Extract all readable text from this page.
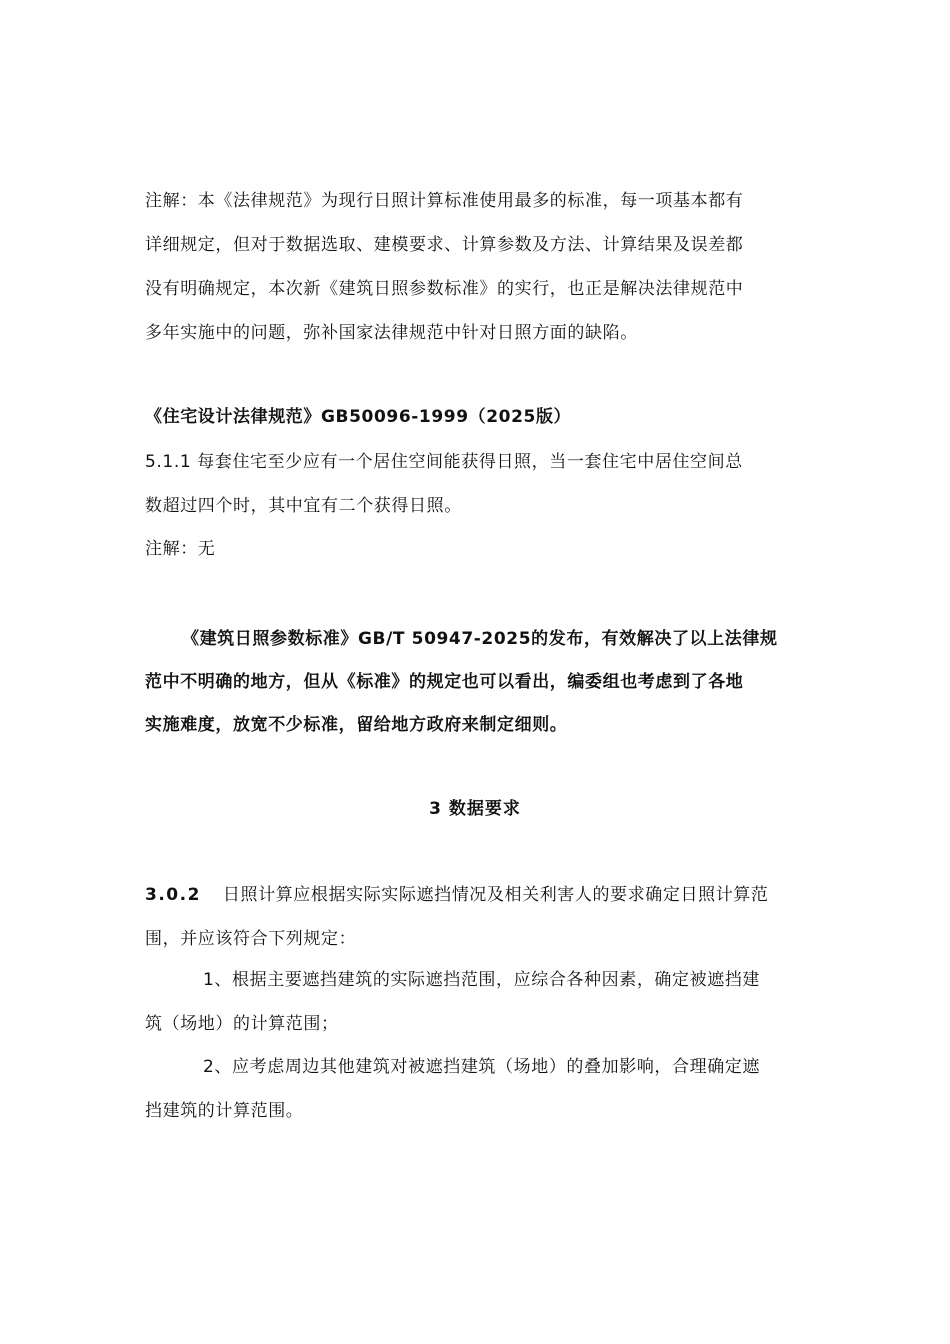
注解：本《法律规范》为现行日照计算标准使用最多的标准，每一项基本都有
详细规定，但对于数据选取、建模要求、计算参数及方法、计算结果及误差都
没有明确规定，本次新《建筑日照参数标准》的实行，也正是解决法律规范中
多年实施中的问题，弥补国家法律规范中针对日照方面的缺陷。
《住宅设计法律规范》GB50096-1999（2025版）
5.1.1 每套住宅至少应有一个居住空间能获得日照，当一套住宅中居住空间总
数超过四个时，其中宜有二个获得日照。
注解：无
《建筑日照参数标准》GB/T 50947-2025的发布，有效解决了以上法律规
范中不明确的地方，但从《标准》的规定也可以看出，编委组也考虑到了各地
实施难度，放宽不少标准，留给地方政府来制定细则。
3 数据要求
3.0.2 日照计算应根据实际实际遮挡情况及相关利害人的要求确定日照计算范
围，并应该符合下列规定：
1、根据主要遮挡建筑的实际遮挡范围，应综合各种因素，确定被遮挡建
筑（场地）的计算范围；
2、应考虑周边其他建筑对被遮挡建筑（场地）的叠加影响，合理确定遮
挡建筑的计算范围。
